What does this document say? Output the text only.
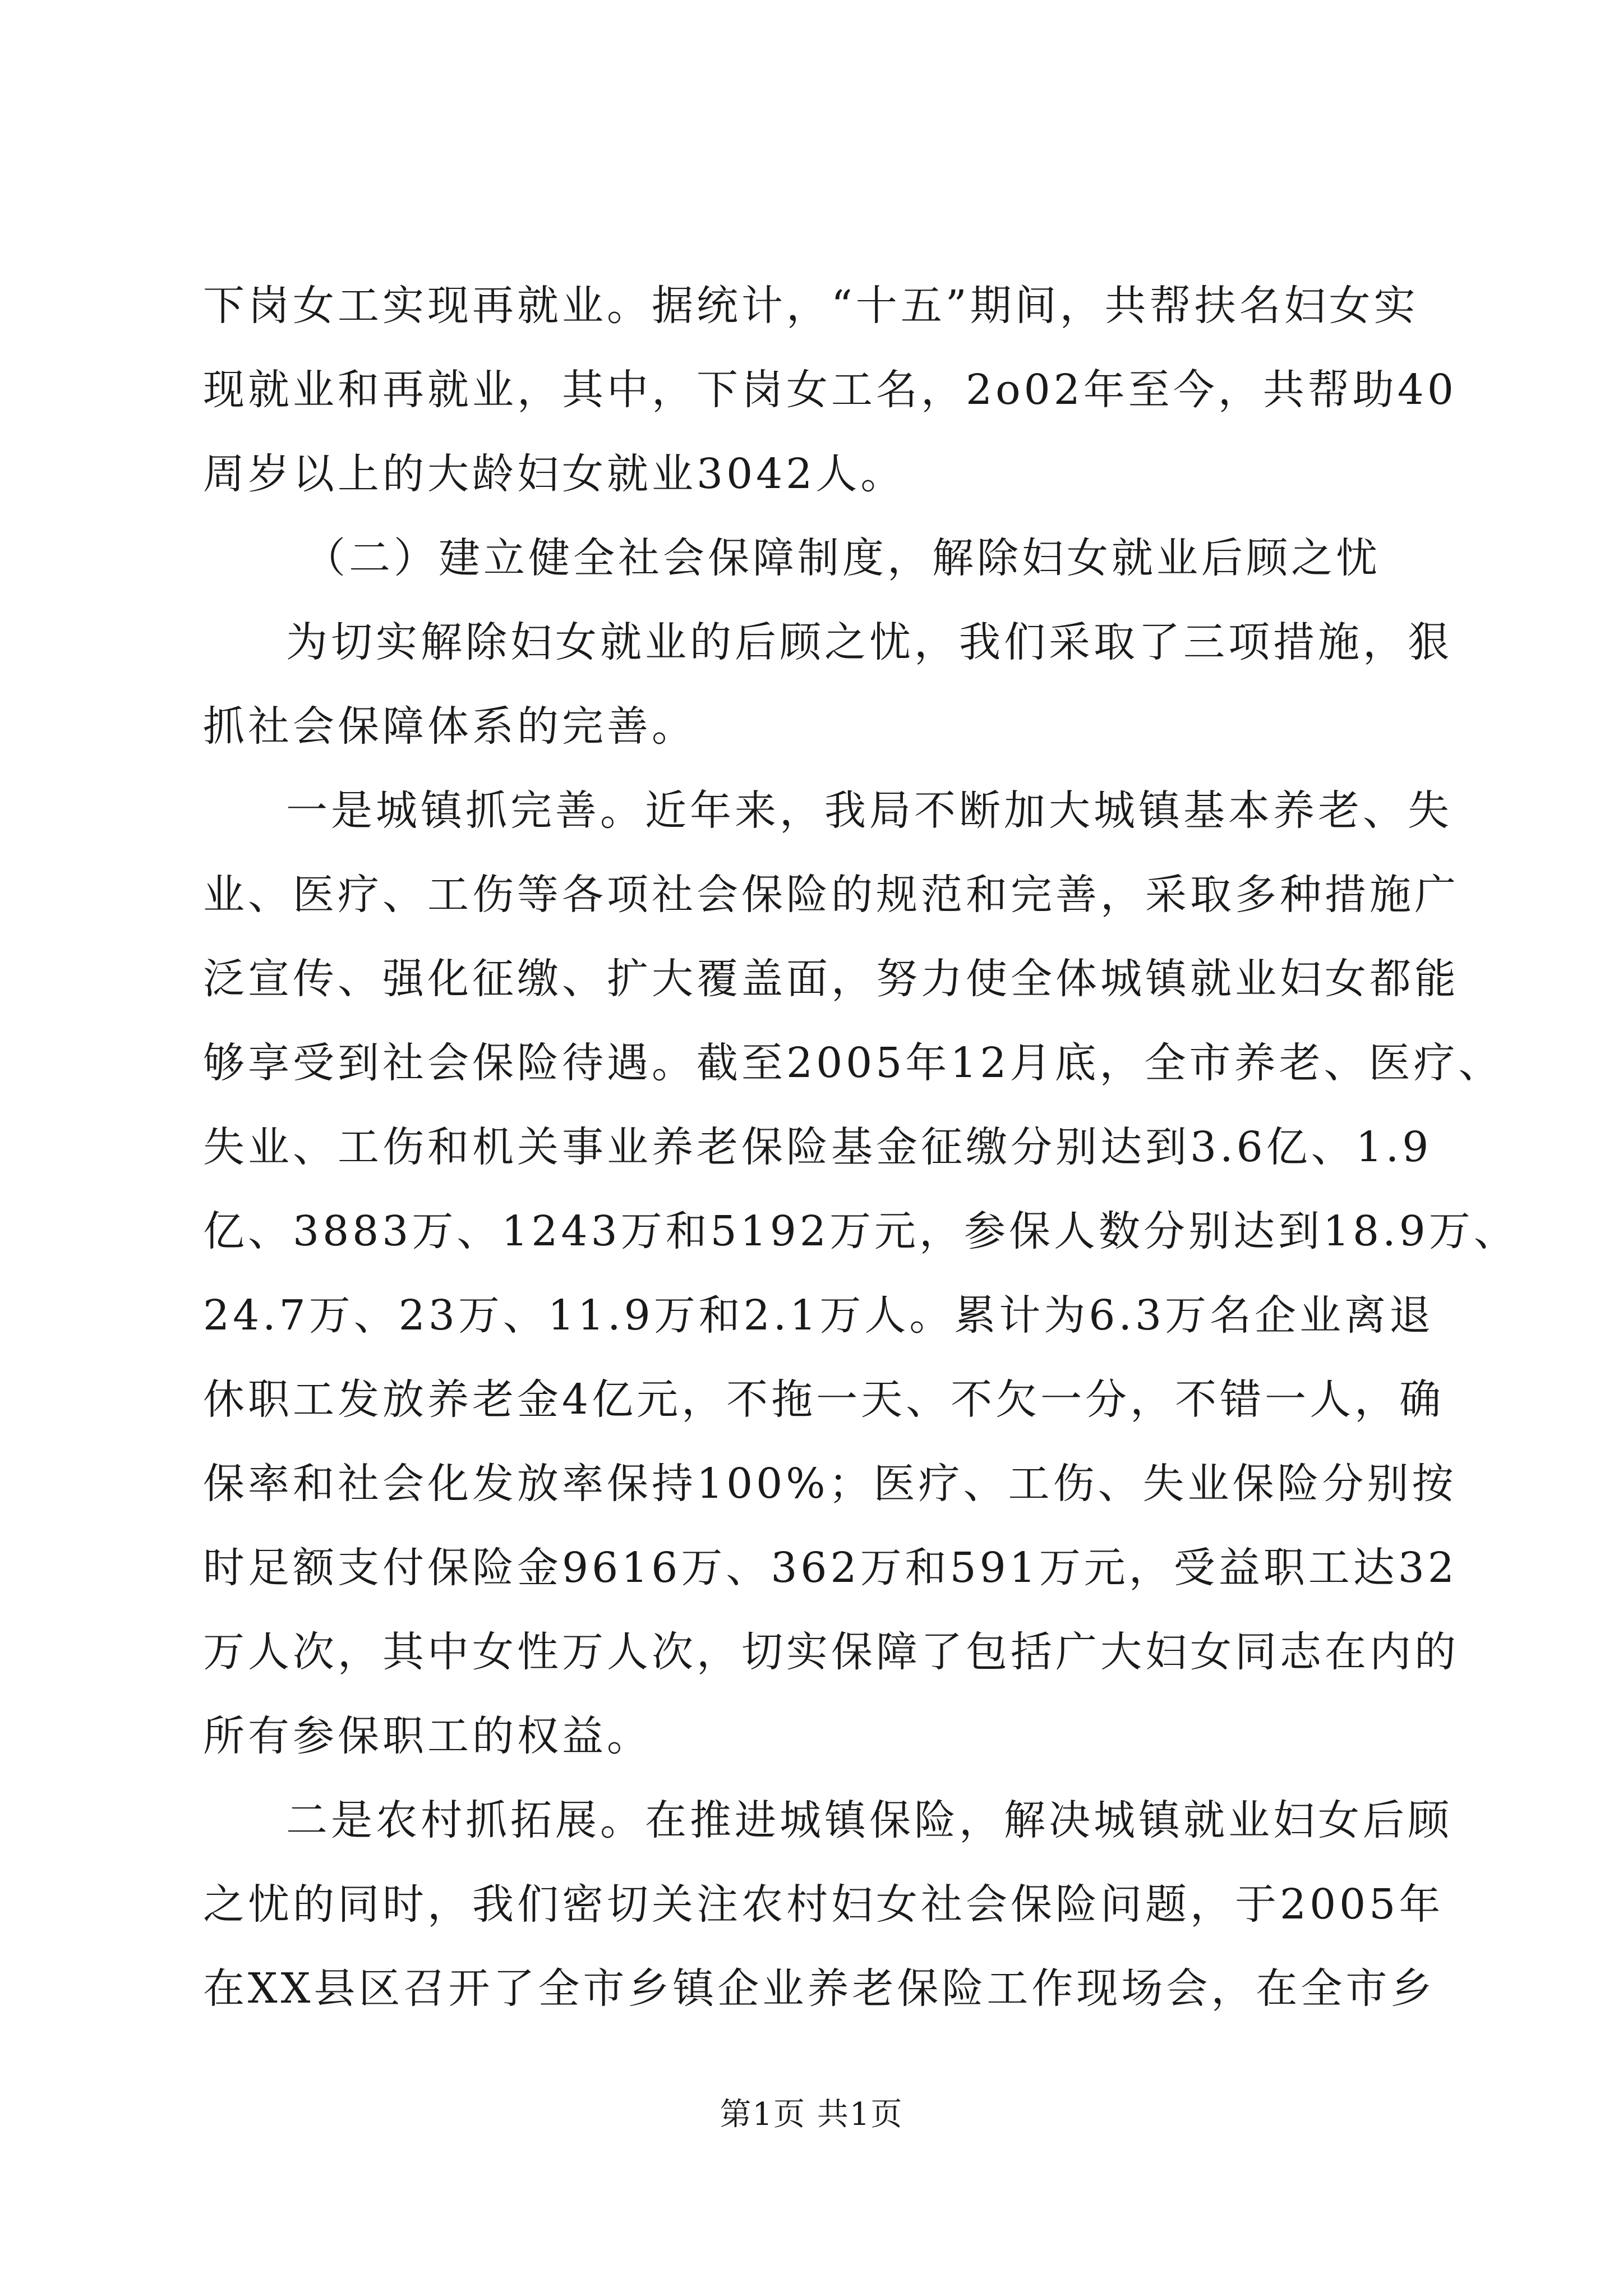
下岗女工实现再就业。据统计，“十五”期间，共帮扶名妇女实
现就业和再就业，其中，下岗女工名，2o02年至今，共帮助40
周岁以上的大龄妇女就业3042人。
（二）建立健全社会保障制度，解除妇女就业后顾之忧
为切实解除妇女就业的后顾之忧，我们采取了三项措施，狠
抓社会保障体系的完善。
一是城镇抓完善。近年来，我局不断加大城镇基本养老、失
业、医疗、工伤等各项社会保险的规范和完善，采取多种措施广
泛宣传、强化征缴、扩大覆盖面，努力使全体城镇就业妇女都能
够享受到社会保险待遇。截至2005年12月底，全市养老、医疗、
失业、工伤和机关事业养老保险基金征缴分别达到3.6亿、1.9
亿、3883万、1243万和5192万元，参保人数分别达到18.9万、
24.7万、23万、11.9万和2.1万人。累计为6.3万名企业离退
休职工发放养老金4亿元，不拖一天、不欠一分，不错一人，确
保率和社会化发放率保持100%；医疗、工伤、失业保险分别按
时足额支付保险金9616万、362万和591万元，受益职工达32
万人次，其中女性万人次，切实保障了包括广大妇女同志在内的
所有参保职工的权益。
二是农村抓拓展。在推进城镇保险，解决城镇就业妇女后顾
之忧的同时，我们密切关注农村妇女社会保险问题，于2005年
在XX县区召开了全市乡镇企业养老保险工作现场会，在全市乡
第1页 共1页
